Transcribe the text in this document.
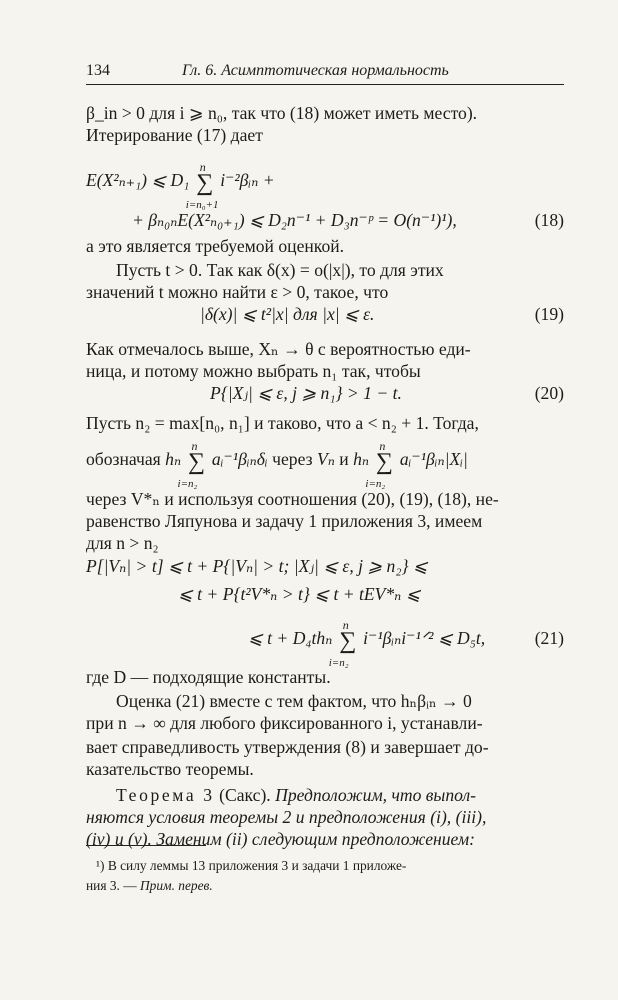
134	Гл. 6. Асимптотическая нормальность
β_in > 0 для i ⩾ n₀, так что (18) может иметь место).
Итерирование (17) дает
E(X²ₙ₊₁) ⩽ D₁ ∑
n
i=n₀+1
i⁻²βᵢₙ +
+ βₙ₀ₙE(X²ₙ₀₊₁) ⩽ D₂n⁻¹ + D₃n⁻ᵖ = O(n⁻¹)¹),	(18)
а это является требуемой оценкой.
Пусть t > 0. Так как δ(x) = o(|x|), то для этих
значений t можно найти ε > 0, такое, что
|δ(x)| ⩽ t²|x| для |x| ⩽ ε.	(19)
Как отмечалось выше, Xₙ → θ с вероятностью еди-
ница, и потому можно выбрать n₁ так, чтобы
P{|Xⱼ| ⩽ ε, j ⩾ n₁} > 1 − t.	(20)
Пусть n₂ = max[n₀, n₁] и таково, что a < n₂ + 1. Тогда,
обозначая hₙ ∑
n
i=n₂
aᵢ⁻¹βᵢₙδᵢ через Vₙ и hₙ ∑
n
i=n₂
aᵢ⁻¹βᵢₙ|Xᵢ|
через V*ₙ и используя соотношения (20), (19), (18), не-
равенство Ляпунова и задачу 1 приложения 3, имеем
для n > n₂
P[|Vₙ| > t] ⩽ t + P{|Vₙ| > t; |Xⱼ| ⩽ ε, j ⩾ n₂} ⩽
⩽ t + P{t²V*ₙ > t} ⩽ t + tEV*ₙ ⩽
⩽ t + D₄thₙ ∑
n
i=n₂
i⁻¹βᵢₙi⁻¹ᐟ² ⩽ D₅t,	(21)
где D — подходящие константы.
Оценка (21) вместе с тем фактом, что hₙβᵢₙ → 0
при n → ∞ для любого фиксированного i, устанавли-
вает справедливость утверждения (8) и завершает до-
казательство теоремы.
Теорема 3 (Сакс). Предположим, что выпол-
няются условия теоремы 2 и предположения (i), (iii),
(iv) и (v). Заменим (ii) следующим предположением:
¹) В силу леммы 13 приложения 3 и задачи 1 приложе-
ния 3. — Прим. перев.
